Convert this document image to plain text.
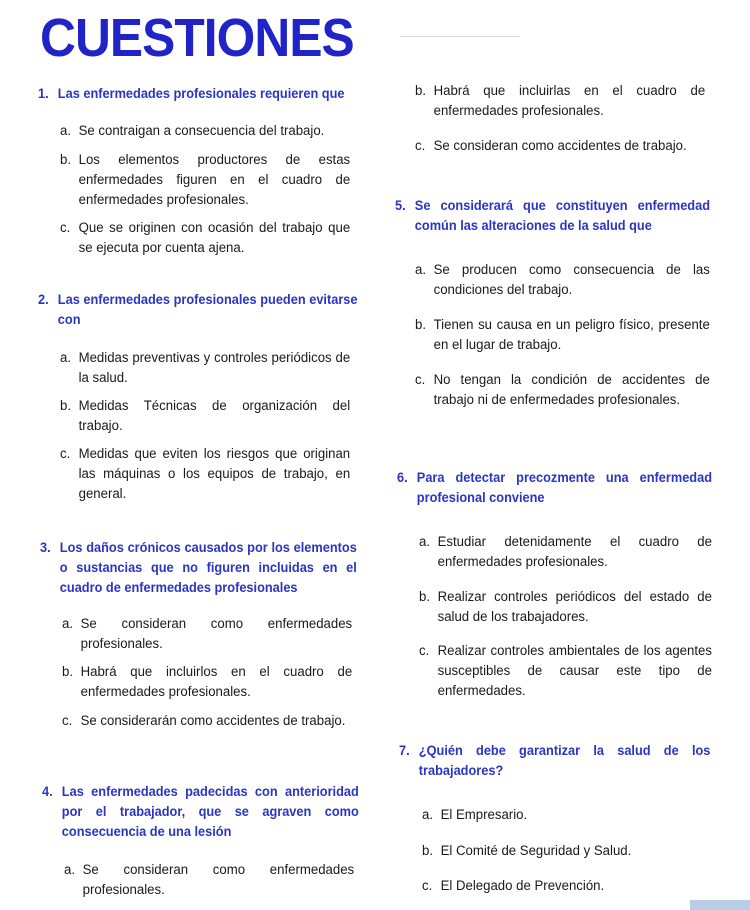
CUESTIONES
1. Las enfermedades profesionales requieren que
a. Se contraigan a consecuencia del trabajo.
b. Los elementos productores de estas enfermedades figuren en el cuadro de enfermedades profesionales.
c. Que se originen con ocasión del trabajo que se ejecuta por cuenta ajena.
2. Las enfermedades profesionales pueden evitarse con
a. Medidas preventivas y controles periódicos de la salud.
b. Medidas Técnicas de organización del trabajo.
c. Medidas que eviten los riesgos que originan las máquinas o los equipos de trabajo, en general.
3. Los daños crónicos causados por los elementos o sustancias que no figuren incluidas en el cuadro de enfermedades profesionales
a. Se consideran como enfermedades profesionales.
b. Habrá que incluirlos en el cuadro de enfermedades profesionales.
c. Se considerarán como accidentes de trabajo.
4. Las enfermedades padecidas con anterioridad por el trabajador, que se agraven como consecuencia de una lesión
a. Se consideran como enfermedades profesionales.
b. Habrá que incluirlas en el cuadro de enfermedades profesionales.
c. Se consideran como accidentes de trabajo.
5. Se considerará que constituyen enfermedad común las alteraciones de la salud que
a. Se producen como consecuencia de las condiciones del trabajo.
b. Tienen su causa en un peligro físico, presente en el lugar de trabajo.
c. No tengan la condición de accidentes de trabajo ni de enfermedades profesionales.
6. Para detectar precozmente una enfermedad profesional conviene
a. Estudiar detenidamente el cuadro de enfermedades profesionales.
b. Realizar controles periódicos del estado de salud de los trabajadores.
c. Realizar controles ambientales de los agentes susceptibles de causar este tipo de enfermedades.
7. ¿Quién debe garantizar la salud de los trabajadores?
a. El Empresario.
b. El Comité de Seguridad y Salud.
c. El Delegado de Prevención.
